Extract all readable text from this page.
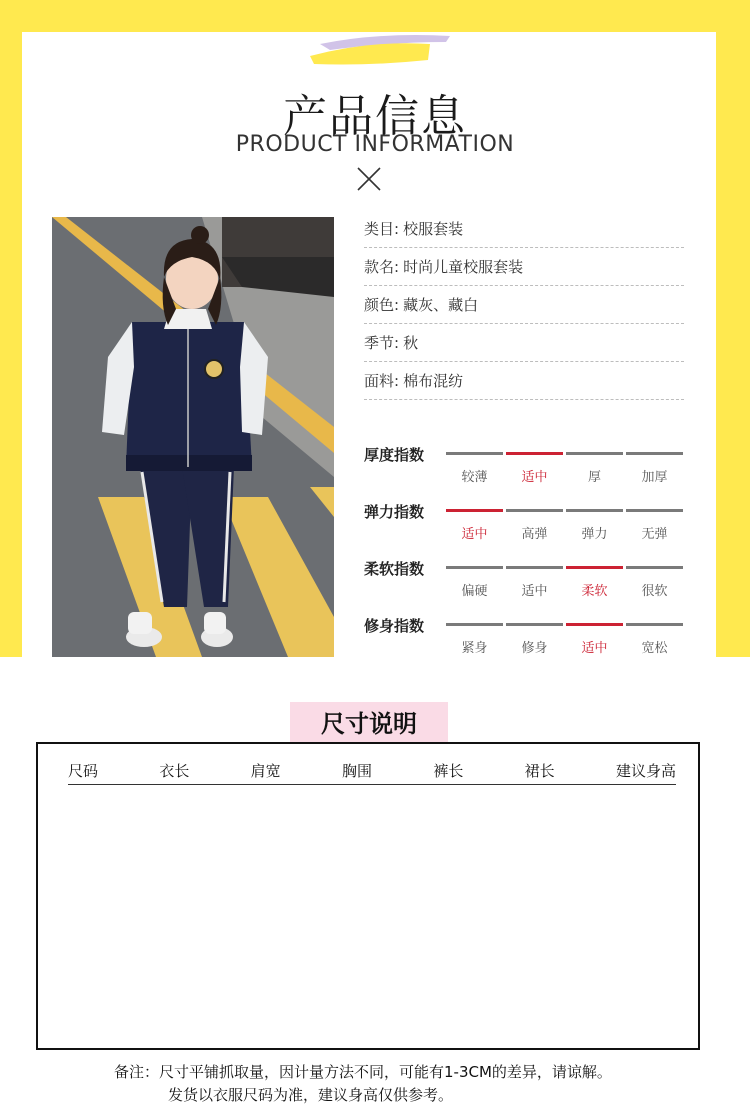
产品信息
PRODUCT INFORMATION
类目: 校服套装
款名: 时尚儿童校服套装
颜色: 藏灰、藏白
季节: 秋
面料: 棉布混纺
厚度指数
较薄	适中	厚	加厚
弹力指数
适中	高弹	弹力	无弹
柔软指数
偏硬	适中	柔软	很软
修身指数
紧身	修身	适中	宽松
尺寸说明
尺码	衣长	肩宽	胸围	裤长	裙长	建议身高
备注：尺寸平铺抓取量，因计量方法不同，可能有1-3CM的差异，请谅解。
发货以衣服尺码为准，建议身高仅供参考。
